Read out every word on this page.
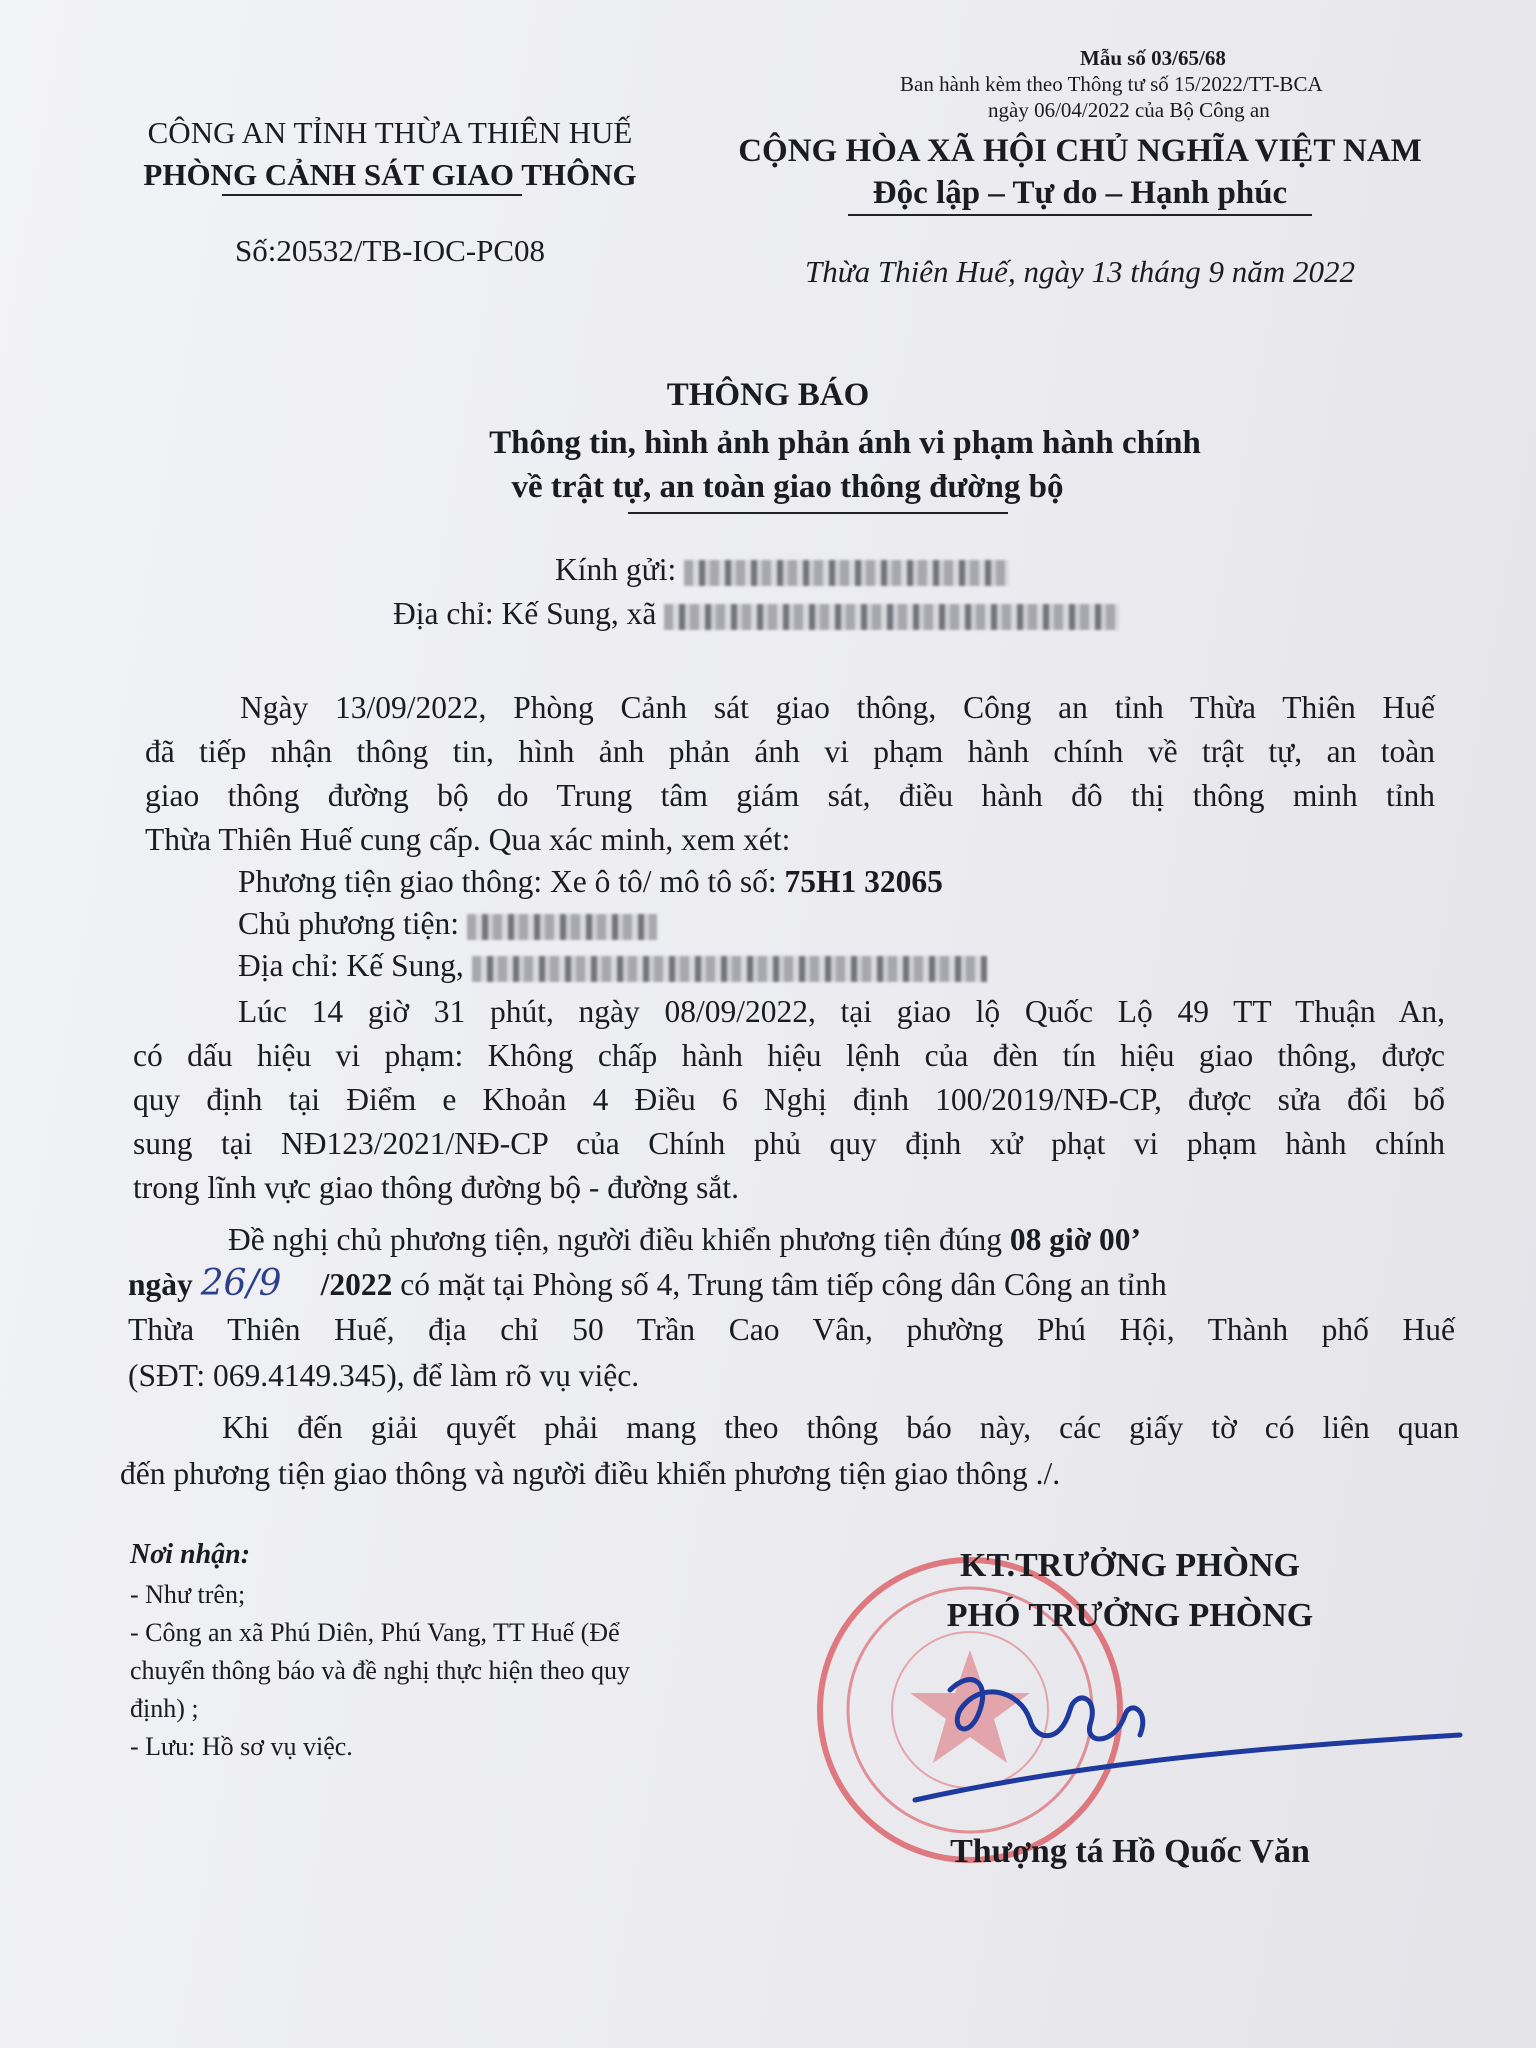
Mẫu số 03/65/68
Ban hành kèm theo Thông tư số 15/2022/TT-BCA
ngày 06/04/2022 của Bộ Công an
CÔNG AN TỈNH THỪA THIÊN HUẾ
PHÒNG CẢNH SÁT GIAO THÔNG
Số:20532/TB-IOC-PC08
CỘNG HÒA XÃ HỘI CHỦ NGHĨA VIỆT NAM
Độc lập – Tự do – Hạnh phúc
Thừa Thiên Huế, ngày 13 tháng 9 năm 2022
THÔNG BÁO
Thông tin, hình ảnh phản ánh vi phạm hành chính
về trật tự, an toàn giao thông đường bộ
Kính gửi:
Địa chỉ: Kế Sung, xã
Ngày 13/09/2022, Phòng Cảnh sát giao thông, Công an tỉnh Thừa Thiên Huế
đã tiếp nhận thông tin, hình ảnh phản ánh vi phạm hành chính về trật tự, an toàn
giao thông đường bộ do Trung tâm giám sát, điều hành đô thị thông minh tỉnh
Thừa Thiên Huế cung cấp. Qua xác minh, xem xét:
Phương tiện giao thông: Xe ô tô/ mô tô số: 75H1 32065
Chủ phương tiện:
Địa chỉ: Kế Sung,
Lúc 14 giờ 31 phút, ngày 08/09/2022, tại giao lộ Quốc Lộ 49 TT Thuận An,
có dấu hiệu vi phạm: Không chấp hành hiệu lệnh của đèn tín hiệu giao thông, được
quy định tại Điểm e Khoản 4 Điều 6 Nghị định 100/2019/NĐ-CP, được sửa đổi bổ
sung tại NĐ123/2021/NĐ-CP của Chính phủ quy định xử phạt vi phạm hành chính
trong lĩnh vực giao thông đường bộ - đường sắt.
Đề nghị chủ phương tiện, người điều khiển phương tiện đúng 08 giờ 00’
ngày 26/9 /2022 có mặt tại Phòng số 4, Trung tâm tiếp công dân Công an tỉnh
Thừa Thiên Huế, địa chỉ 50 Trần Cao Vân, phường Phú Hội, Thành phố Huế
(SĐT: 069.4149.345), để làm rõ vụ việc.
Khi đến giải quyết phải mang theo thông báo này, các giấy tờ có liên quan
đến phương tiện giao thông và người điều khiển phương tiện giao thông ./.
Nơi nhận:
- Như trên;
- Công an xã Phú Diên, Phú Vang, TT Huế (Để
chuyển thông báo và đề nghị thực hiện theo quy
định) ;
- Lưu: Hồ sơ vụ việc.
KT.TRƯỞNG PHÒNG
PHÓ TRƯỞNG PHÒNG
Thượng tá Hồ Quốc Văn
